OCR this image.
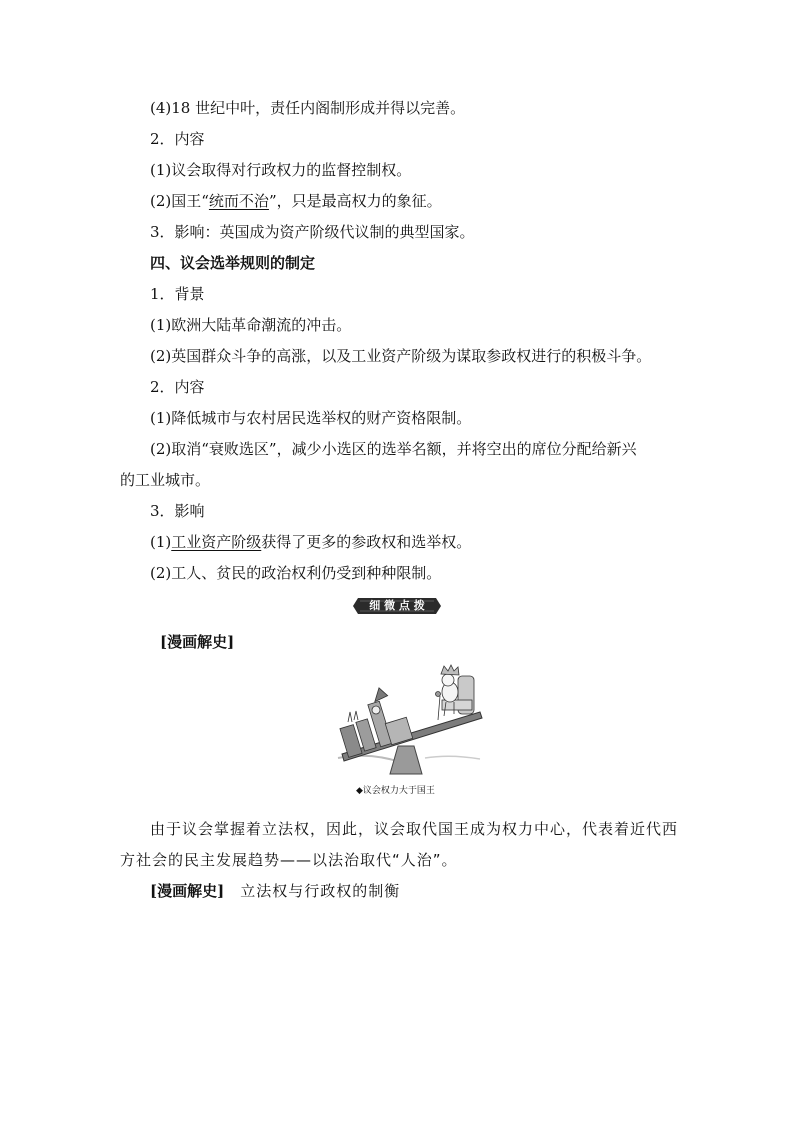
(4)18 世纪中叶，责任内阁制形成并得以完善。
2．内容
(1)议会取得对行政权力的监督控制权。
(2)国王“统而不治”，只是最高权力的象征。
3．影响：英国成为资产阶级代议制的典型国家。
四、议会选举规则的制定
1．背景
(1)欧洲大陆革命潮流的冲击。
(2)英国群众斗争的高涨，以及工业资产阶级为谋取参政权进行的积极斗争。
2．内容
(1)降低城市与农村居民选举权的财产资格限制。
(2)取消“衰败选区”，减少小选区的选举名额，并将空出的席位分配给新兴
的工业城市。
3．影响
(1)工业资产阶级获得了更多的参政权和选举权。
(2)工人、贫民的政治权利仍受到种种限制。
细 微 点 拨
[漫画解史]
◆议会权力大于国王
由于议会掌握着立法权，因此，议会取代国王成为权力中心，代表着近代西
方社会的民主发展趋势——以法治取代“人治”。
[漫画解史] 立法权与行政权的制衡
